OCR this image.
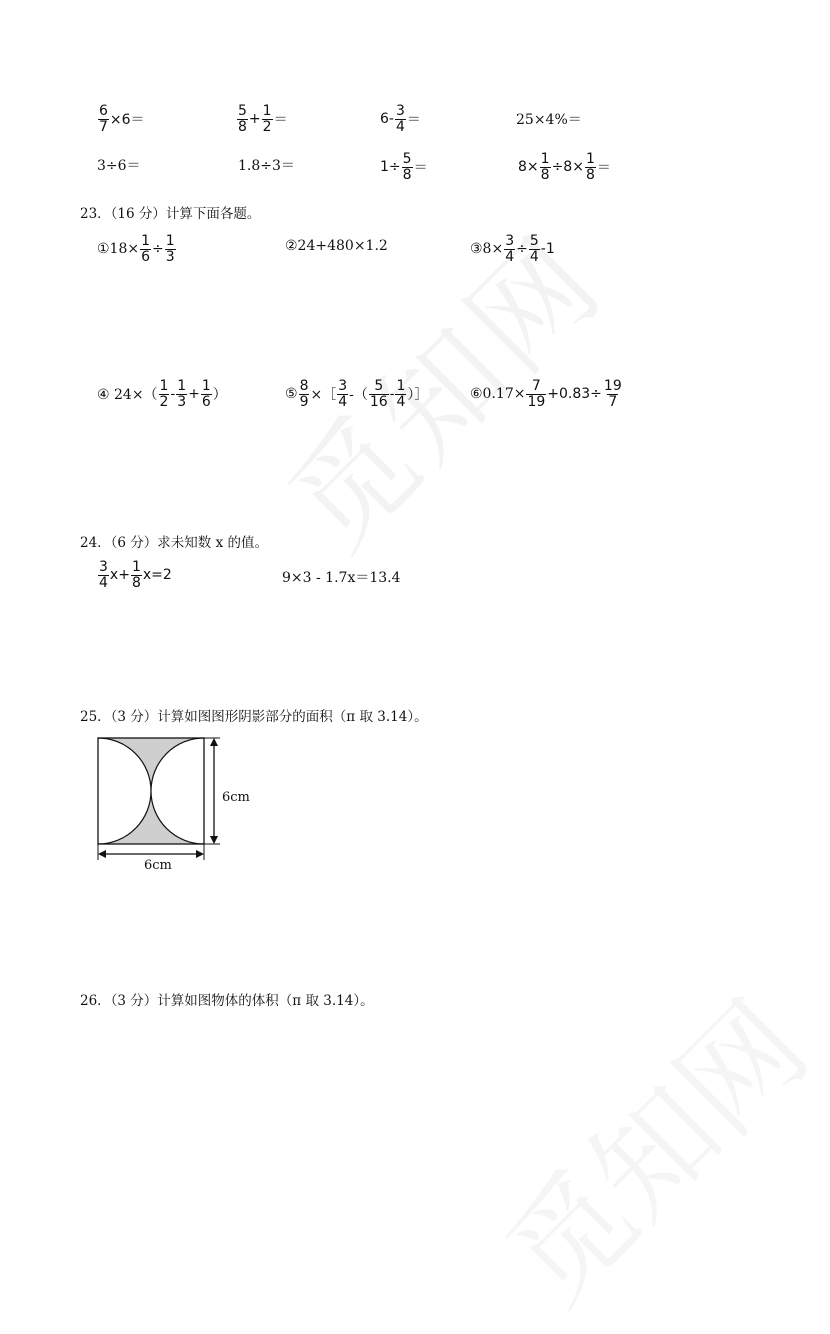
$\frac{6}{7} \times 6=$	$\frac{5}{8} + \frac{1}{2}$ ＝	$6- \frac{3}{4}$ ＝	25×4%＝
3÷6＝	1.8÷3＝	$1\div \frac{5}{8}$ ＝	$8\times \frac{1}{8} \div 8\times \frac{1}{8}$ ＝
23．（16 分）计算下面各题。
①18× $\frac{1}{6} \div \frac{1}{3}$	②24+480×1.2	③8× $\frac{3}{4} \div \frac{5}{4} -1$
④ $24\times( \frac{1}{2} - \frac{1}{3} + \frac{1}{6}$ ）	⑤ $\frac{8}{9}$ ×［ $\frac{3}{4}$ -（ $\frac{5}{16} - \frac{1}{4}$ ）］	⑥0.17× $\frac{7}{19} +0.83\div \frac{19}{7}$
24．（6 分）求未知数 x 的值。
$\frac{3}{4} x+ \frac{1}{8} x=2$	9×3 - 1.7x＝13.4
25．（3 分）计算如图图形阴影部分的面积（π 取 3.14）。
6cm
6cm
26．（3 分）计算如图物体的体积（π 取 3.14）。
